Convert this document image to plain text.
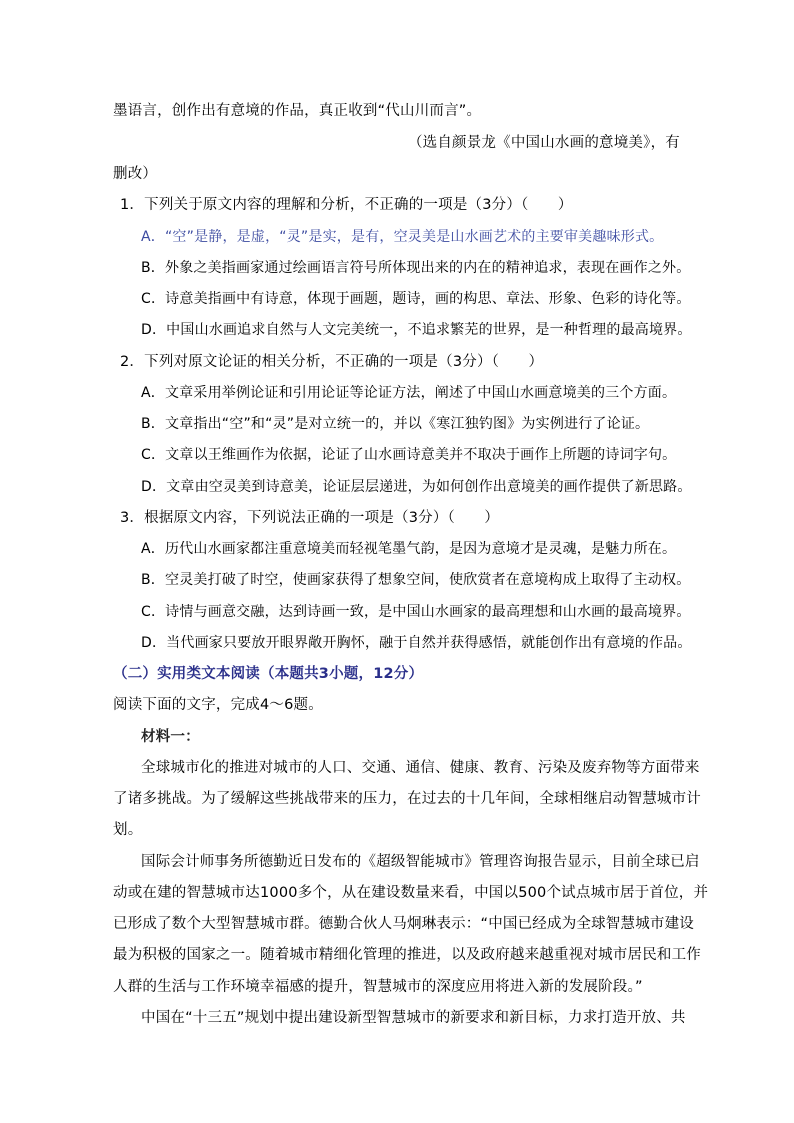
墨语言，创作出有意境的作品，真正收到“代山川而言”。
（选自颜景龙《中国山水画的意境美》，有
删改）
1．下列关于原文内容的理解和分析，不正确的一项是（3分）（　　）
A．“空”是静，是虚，“灵”是实，是有，空灵美是山水画艺术的主要审美趣味形式。
B．外象之美指画家通过绘画语言符号所体现出来的内在的精神追求，表现在画作之外。
C．诗意美指画中有诗意，体现于画题，题诗，画的构思、章法、形象、色彩的诗化等。
D．中国山水画追求自然与人文完美统一，不追求繁芜的世界，是一种哲理的最高境界。
2．下列对原文论证的相关分析，不正确的一项是（3分）（　　）
A．文章采用举例论证和引用论证等论证方法，阐述了中国山水画意境美的三个方面。
B．文章指出“空”和“灵”是对立统一的，并以《寒江独钓图》为实例进行了论证。
C．文章以王维画作为依据，论证了山水画诗意美并不取决于画作上所题的诗词字句。
D．文章由空灵美到诗意美，论证层层递进，为如何创作出意境美的画作提供了新思路。
3．根据原文内容，下列说法正确的一项是（3分）（　　）
A．历代山水画家都注重意境美而轻视笔墨气韵，是因为意境才是灵魂，是魅力所在。
B．空灵美打破了时空，使画家获得了想象空间，使欣赏者在意境构成上取得了主动权。
C．诗情与画意交融，达到诗画一致，是中国山水画家的最高理想和山水画的最高境界。
D．当代画家只要放开眼界敞开胸怀，融于自然并获得感悟，就能创作出有意境的作品。
（二）实用类文本阅读（本题共3小题，12分）
阅读下面的文字，完成4～6题。
材料一：
全球城市化的推进对城市的人口、交通、通信、健康、教育、污染及废弃物等方面带来
了诸多挑战。为了缓解这些挑战带来的压力，在过去的十几年间，全球相继启动智慧城市计
划。
国际会计师事务所德勤近日发布的《超级智能城市》管理咨询报告显示，目前全球已启
动或在建的智慧城市达1000多个，从在建设数量来看，中国以500个试点城市居于首位，并
已形成了数个大型智慧城市群。德勤合伙人马炯琳表示：“中国已经成为全球智慧城市建设
最为积极的国家之一。随着城市精细化管理的推进，以及政府越来越重视对城市居民和工作
人群的生活与工作环境幸福感的提升，智慧城市的深度应用将进入新的发展阶段。”
中国在“十三五”规划中提出建设新型智慧城市的新要求和新目标，力求打造开放、共
